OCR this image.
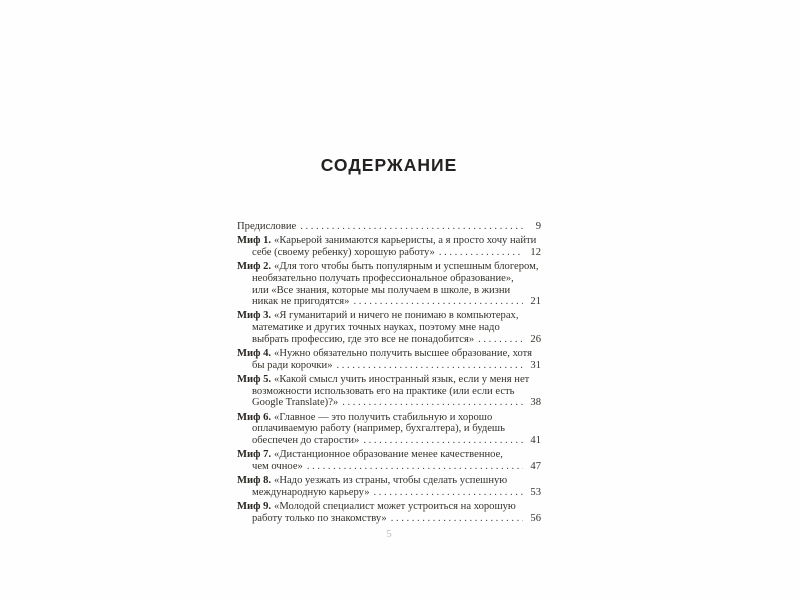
СОДЕРЖАНИЕ
Предисловие .....	9
Миф 1. «Карьерой занимаются карьеристы, а я просто хочу найти
себе (своему ребенку) хорошую работу» .....	12
Миф 2. «Для того чтобы быть популярным и успешным блогером,
необязательно получать профессиональное образование»,
или «Все знания, которые мы получаем в школе, в жизни
никак не пригодятся» .....	21
Миф 3. «Я гуманитарий и ничего не понимаю в компьютерах,
математике и других точных науках, поэтому мне надо
выбрать профессию, где это все не понадобится» .....	26
Миф 4. «Нужно обязательно получить высшее образование, хотя
бы ради корочки» .....	31
Миф 5. «Какой смысл учить иностранный язык, если у меня нет
возможности использовать его на практике (или если есть
Google Translate)?» .....	38
Миф 6. «Главное — это получить стабильную и хорошо
оплачиваемую работу (например, бухгалтера), и будешь
обеспечен до старости» .....	41
Миф 7. «Дистанционное образование менее качественное,
чем очное» .....	47
Миф 8. «Надо уезжать из страны, чтобы сделать успешную
международную карьеру» .....	53
Миф 9. «Молодой специалист может устроиться на хорошую
работу только по знакомству» .....	56
5
